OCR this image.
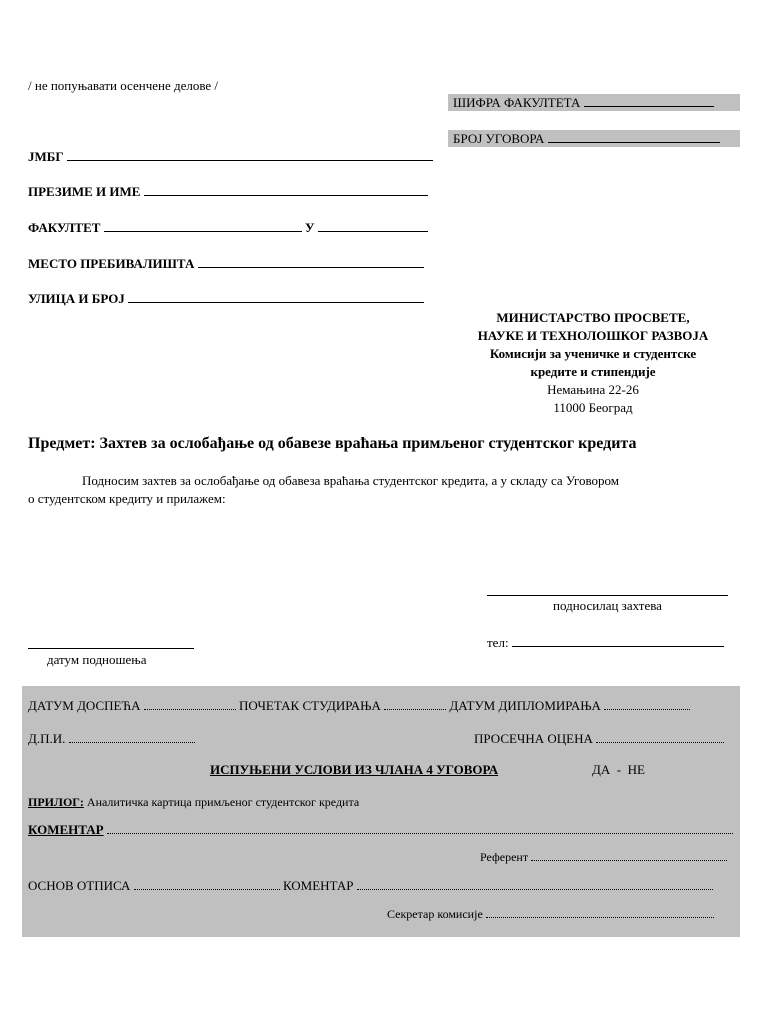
/ не попуњавати осенчене делове /
ШИФРА ФАКУЛТЕТА
БРОЈ УГОВОРА
ЈМБГ
ПРЕЗИМЕ И ИМЕ
ФАКУЛТЕТ	У
МЕСТО ПРЕБИВАЛИШТА
УЛИЦА И БРОЈ
МИНИСТАРСТВО ПРОСВЕТЕ,
НАУКЕ И ТЕХНОЛОШКОГ РАЗВОЈА
Комисији за ученичке и студентске
кредите и стипендије
Немањина 22-26
11000 Београд
Предмет: Захтев за ослобађање од обавезе враћања примљеног студентског кредита
Подносим захтев за ослобађање од обавеза враћања студентског кредита, а у складу са Уговором
о студентском кредиту и прилажем:
подносилац захтева
тел:
датум подношења
ДАТУМ ДОСПЕЋА	ПОЧЕТАК СТУДИРАЊА	ДАТУМ ДИПЛОМИРАЊА
Д.П.И.	ПРОСЕЧНА ОЦЕНА
ИСПУЊЕНИ УСЛОВИ ИЗ ЧЛАНА 4 УГОВОРА	ДА  -  НЕ
ПРИЛОГ: Аналитичка картица примљеног студентског кредита
КОМЕНТАР
Референт
ОСНОВ ОТПИСА	КОМЕНТАР
Секретар комисије
